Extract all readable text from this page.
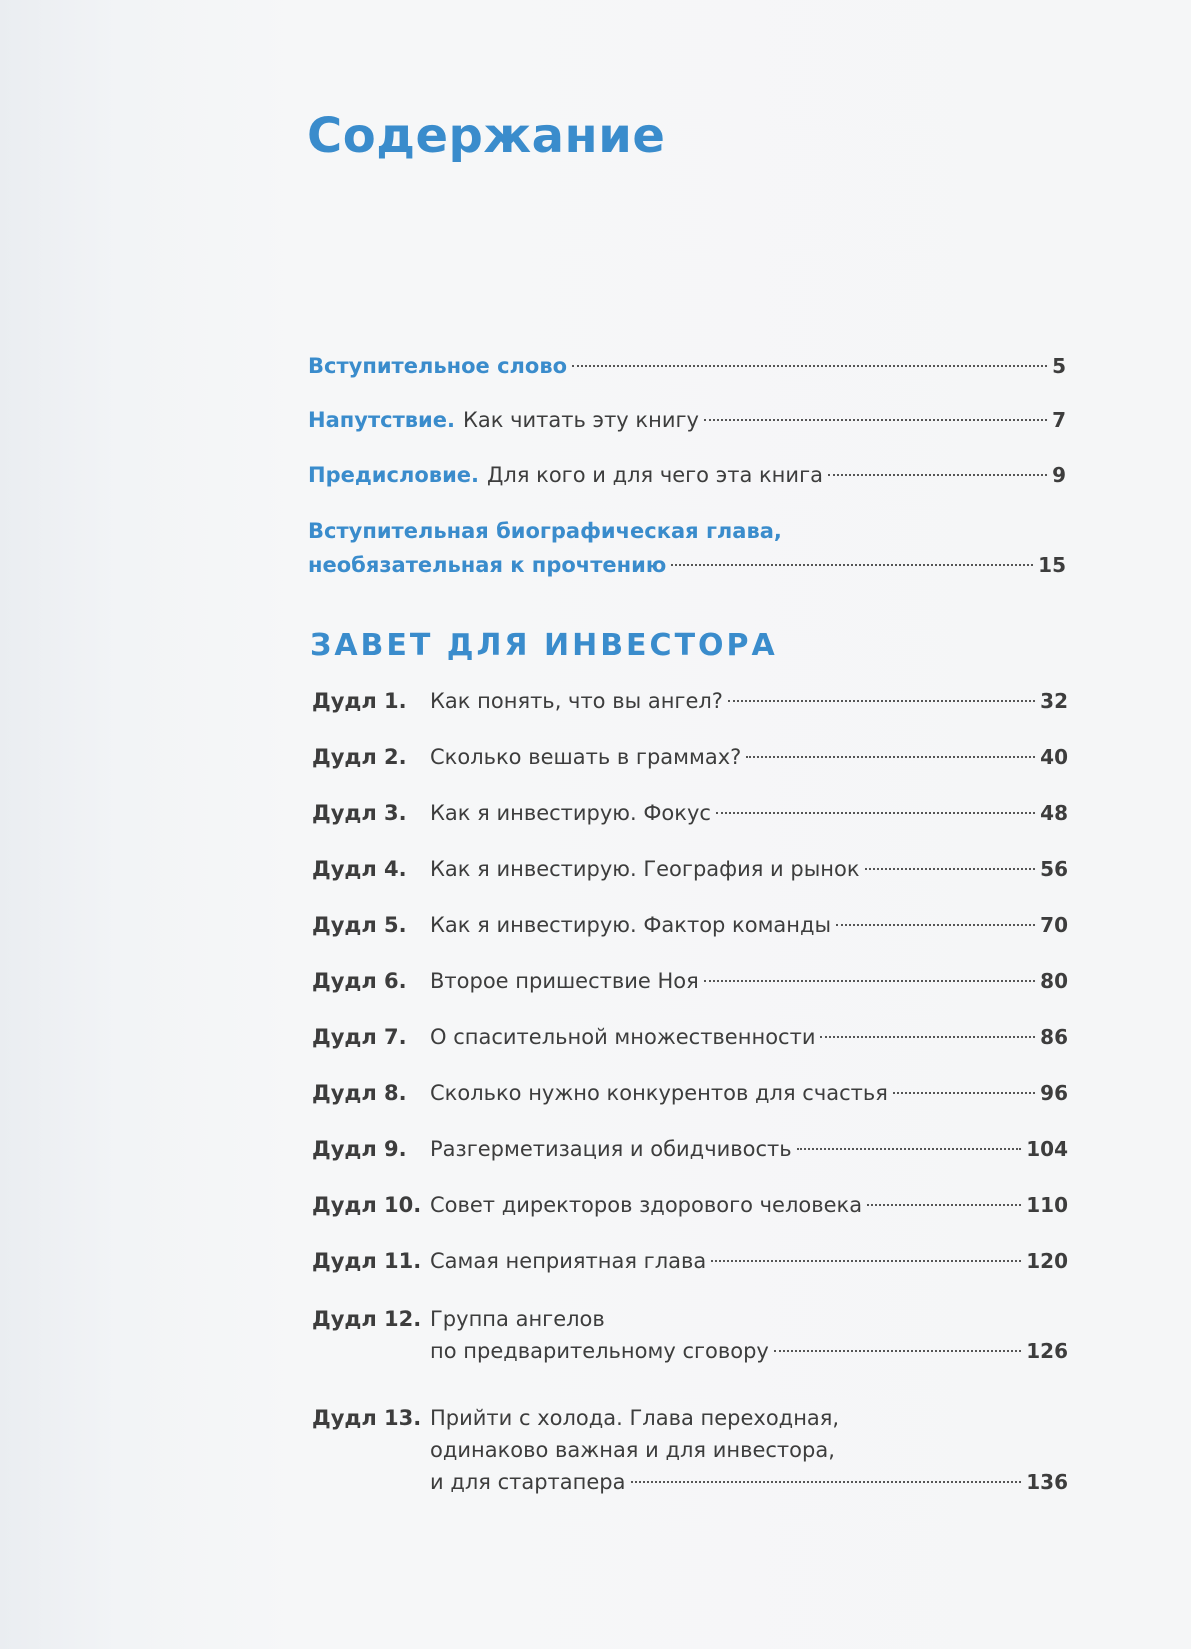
Содержание
Вступительное слово	5
Напутствие. Как читать эту книгу	7
Предисловие. Для кого и для чего эта книга	9
Вступительная биографическая глава,
необязательная к прочтению	15
ЗАВЕТ ДЛЯ ИНВЕСТОРА
Дудл 1.	Как понять, что вы ангел?	32
Дудл 2.	Сколько вешать в граммах?	40
Дудл 3.	Как я инвестирую. Фокус	48
Дудл 4.	Как я инвестирую. География и рынок	56
Дудл 5.	Как я инвестирую. Фактор команды	70
Дудл 6.	Второе пришествие Ноя	80
Дудл 7.	О спасительной множественности	86
Дудл 8.	Сколько нужно конкурентов для счастья	96
Дудл 9.	Разгерметизация и обидчивость	104
Дудл 10. Совет директоров здорового человека	110
Дудл 11. Самая неприятная глава	120
Дудл 12. Группа ангелов
по предварительному сговору	126
Дудл 13. Прийти с холода. Глава переходная,
одинаково важная и для инвестора,
и для стартапера	136
